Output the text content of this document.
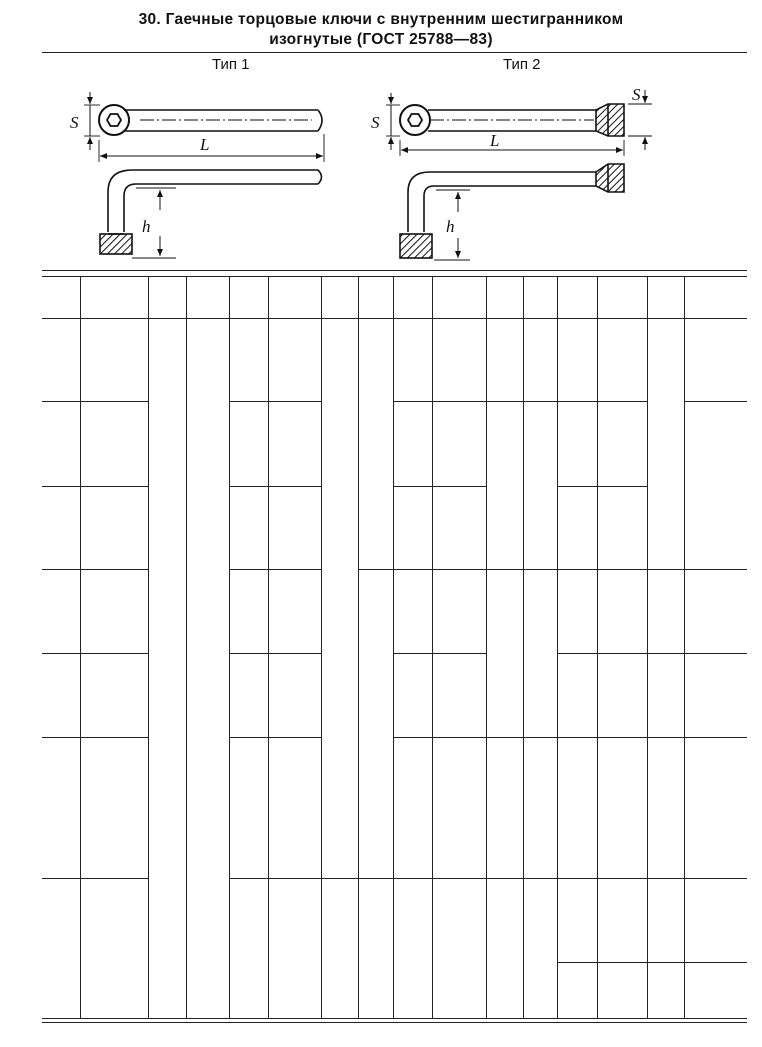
30. Гаечные торцовые ключи с внутренним шестигранником
изогнутые (ГОСТ 25788—83)
Тип 1	Тип 2
S
L
h
S
S
L
h
